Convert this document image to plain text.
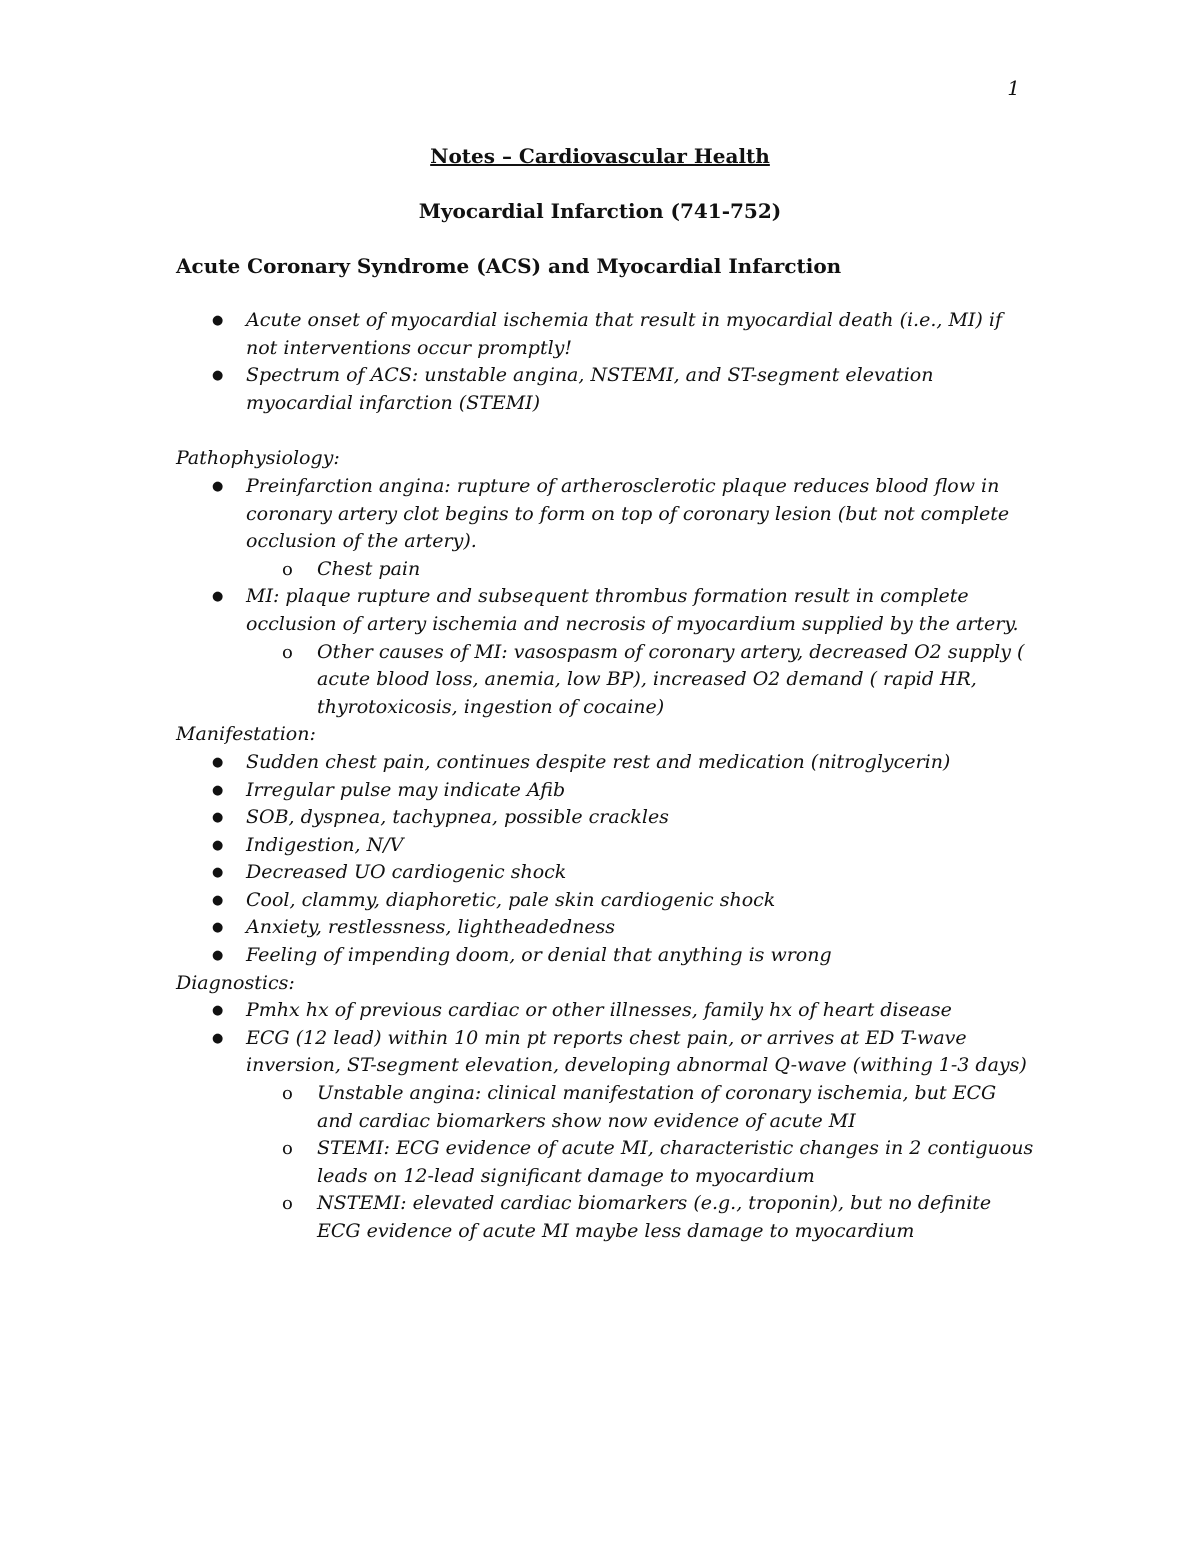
1
Notes – Cardiovascular Health
Myocardial Infarction (741-752)
Acute Coronary Syndrome (ACS) and Myocardial Infarction
● Acute onset of myocardial ischemia that result in myocardial death (i.e., MI) if not interventions occur promptly!
● Spectrum of ACS: unstable angina, NSTEMI, and ST-segment elevation myocardial infarction (STEMI)
Pathophysiology:
● Preinfarction angina: rupture of artherosclerotic plaque reduces blood flow in coronary artery clot begins to form on top of coronary lesion (but not complete occlusion of the artery).
o Chest pain
● MI: plaque rupture and subsequent thrombus formation result in complete occlusion of artery ischemia and necrosis of myocardium supplied by the artery.
o Other causes of MI: vasospasm of coronary artery, decreased O2 supply ( acute blood loss, anemia, low BP), increased O2 demand ( rapid HR, thyrotoxicosis, ingestion of cocaine)
Manifestation:
● Sudden chest pain, continues despite rest and medication (nitroglycerin)
● Irregular pulse may indicate Afib
● SOB, dyspnea, tachypnea, possible crackles
● Indigestion, N/V
● Decreased UO cardiogenic shock
● Cool, clammy, diaphoretic, pale skin cardiogenic shock
● Anxiety, restlessness, lightheadedness
● Feeling of impending doom, or denial that anything is wrong
Diagnostics:
● Pmhx hx of previous cardiac or other illnesses, family hx of heart disease
● ECG (12 lead) within 10 min pt reports chest pain, or arrives at ED T-wave inversion, ST-segment elevation, developing abnormal Q-wave (withing 1-3 days)
o Unstable angina: clinical manifestation of coronary ischemia, but ECG and cardiac biomarkers show now evidence of acute MI
o STEMI: ECG evidence of acute MI, characteristic changes in 2 contiguous leads on 12-lead significant damage to myocardium
o NSTEMI: elevated cardiac biomarkers (e.g., troponin), but no definite ECG evidence of acute MI maybe less damage to myocardium
